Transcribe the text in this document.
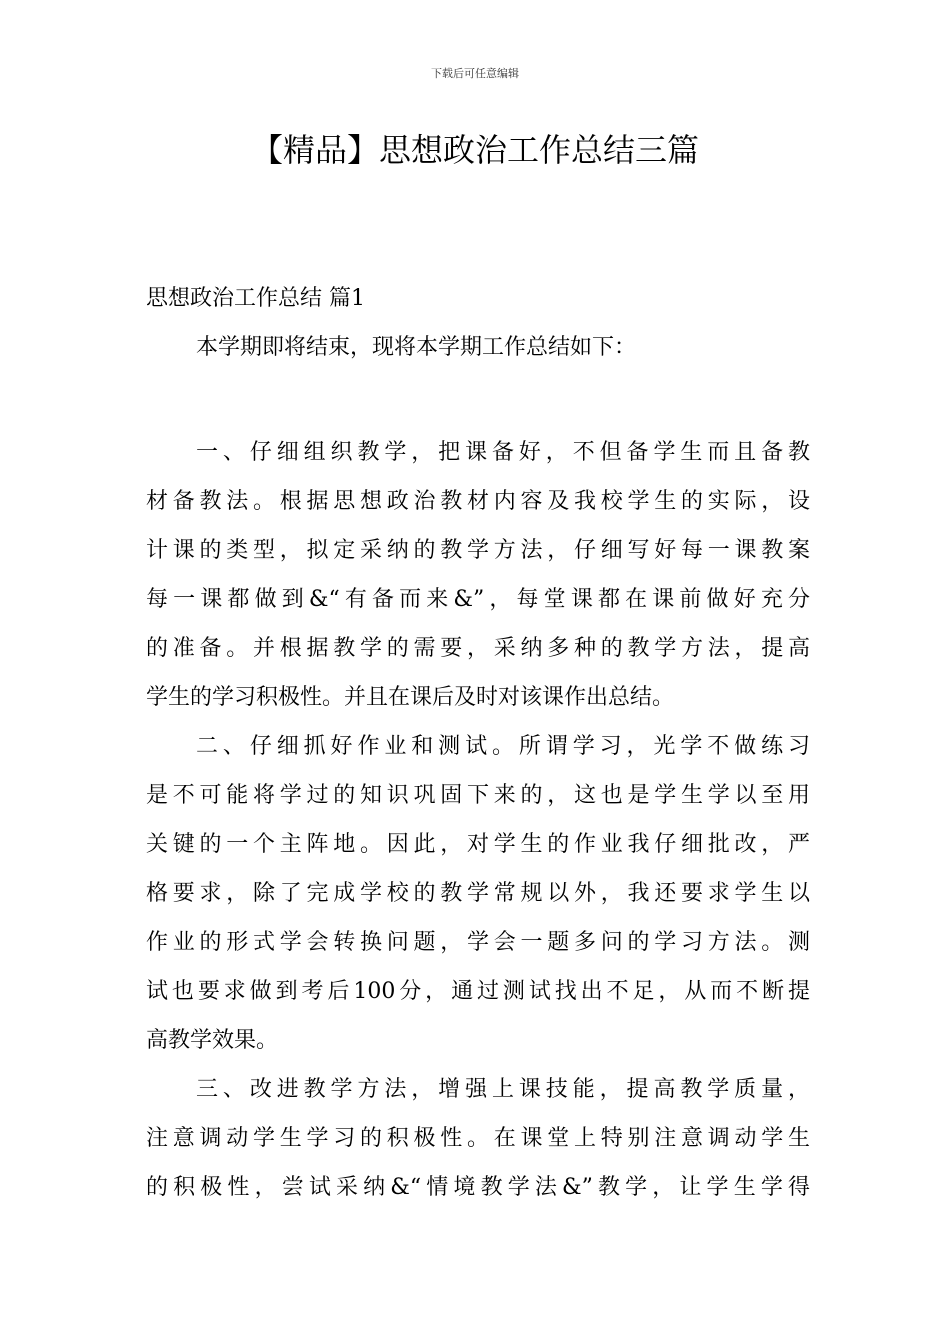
下载后可任意编辑
【精品】思想政治工作总结三篇
思想政治工作总结 篇1

本学期即将结束，现将本学期工作总结如下：

一、仔细组织教学，把课备好，不但备学生而且备教
材备教法。根据思想政治教材内容及我校学生的实际，设
计课的类型，拟定采纳的教学方法，仔细写好每一课教案
每一课都做到&“有备而来&”，每堂课都在课前做好充分
的准备。并根据教学的需要，采纳多种的教学方法，提高
学生的学习积极性。并且在课后及时对该课作出总结。
二、仔细抓好作业和测试。所谓学习，光学不做练习
是不可能将学过的知识巩固下来的，这也是学生学以至用
关键的一个主阵地。因此，对学生的作业我仔细批改，严
格要求，除了完成学校的教学常规以外，我还要求学生以
作业的形式学会转换问题，学会一题多问的学习方法。测
试也要求做到考后100分，通过测试找出不足，从而不断提
高教学效果。
三、改进教学方法，增强上课技能，提高教学质量，
注意调动学生学习的积极性。在课堂上特别注意调动学生
的积极性，尝试采纳&“情境教学法&”教学，让学生学得
